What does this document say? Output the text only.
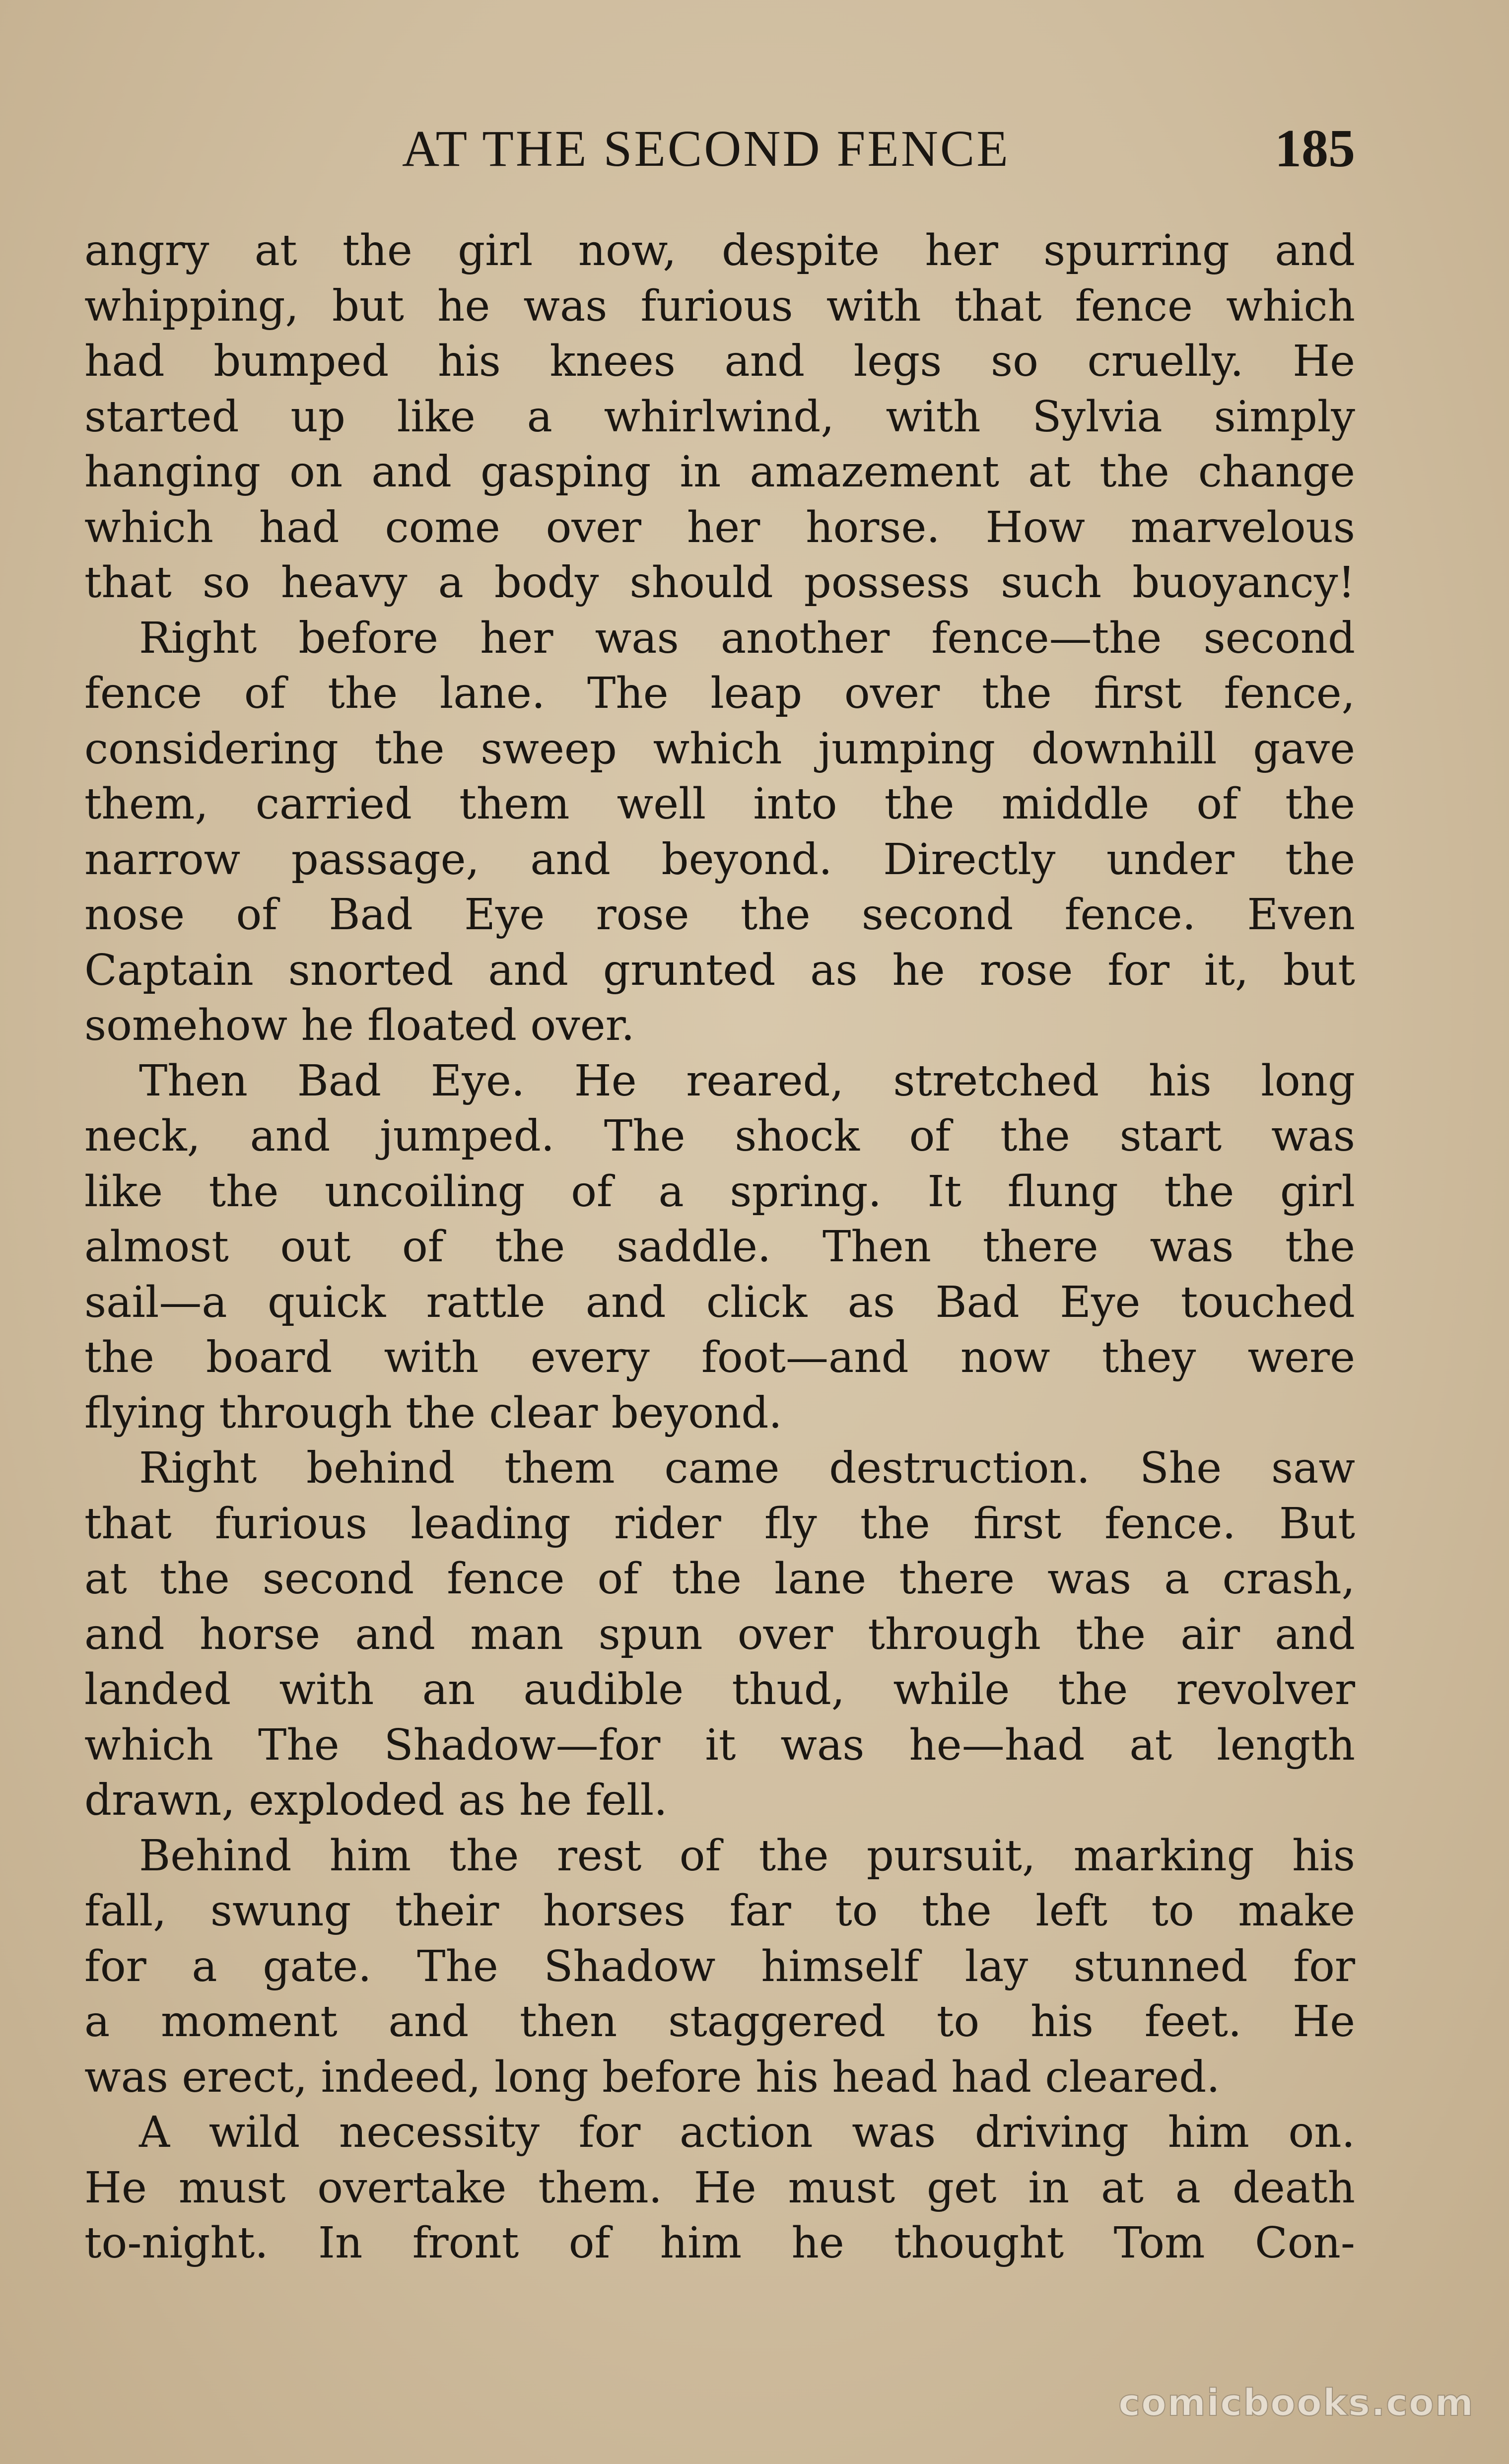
AT THE SECOND FENCE	185
angry at the girl now, despite her spurring and
whipping, but he was furious with that fence which
had bumped his knees and legs so cruelly. He
started up like a whirlwind, with Sylvia simply
hanging on and gasping in amazement at the change
which had come over her horse. How marvelous
that so heavy a body should possess such buoyancy!
Right before her was another fence—the second
fence of the lane. The leap over the first fence,
considering the sweep which jumping downhill gave
them, carried them well into the middle of the
narrow passage, and beyond. Directly under the
nose of Bad Eye rose the second fence. Even
Captain snorted and grunted as he rose for it, but
somehow he floated over.
Then Bad Eye. He reared, stretched his long
neck, and jumped. The shock of the start was
like the uncoiling of a spring. It flung the girl
almost out of the saddle. Then there was the
sail—a quick rattle and click as Bad Eye touched
the board with every foot—and now they were
flying through the clear beyond.
Right behind them came destruction. She saw
that furious leading rider fly the first fence. But
at the second fence of the lane there was a crash,
and horse and man spun over through the air and
landed with an audible thud, while the revolver
which The Shadow—for it was he—had at length
drawn, exploded as he fell.
Behind him the rest of the pursuit, marking his
fall, swung their horses far to the left to make
for a gate. The Shadow himself lay stunned for
a moment and then staggered to his feet. He
was erect, indeed, long before his head had cleared.
A wild necessity for action was driving him on.
He must overtake them. He must get in at a death
to-night. In front of him he thought Tom Con-
comicbooks.com
